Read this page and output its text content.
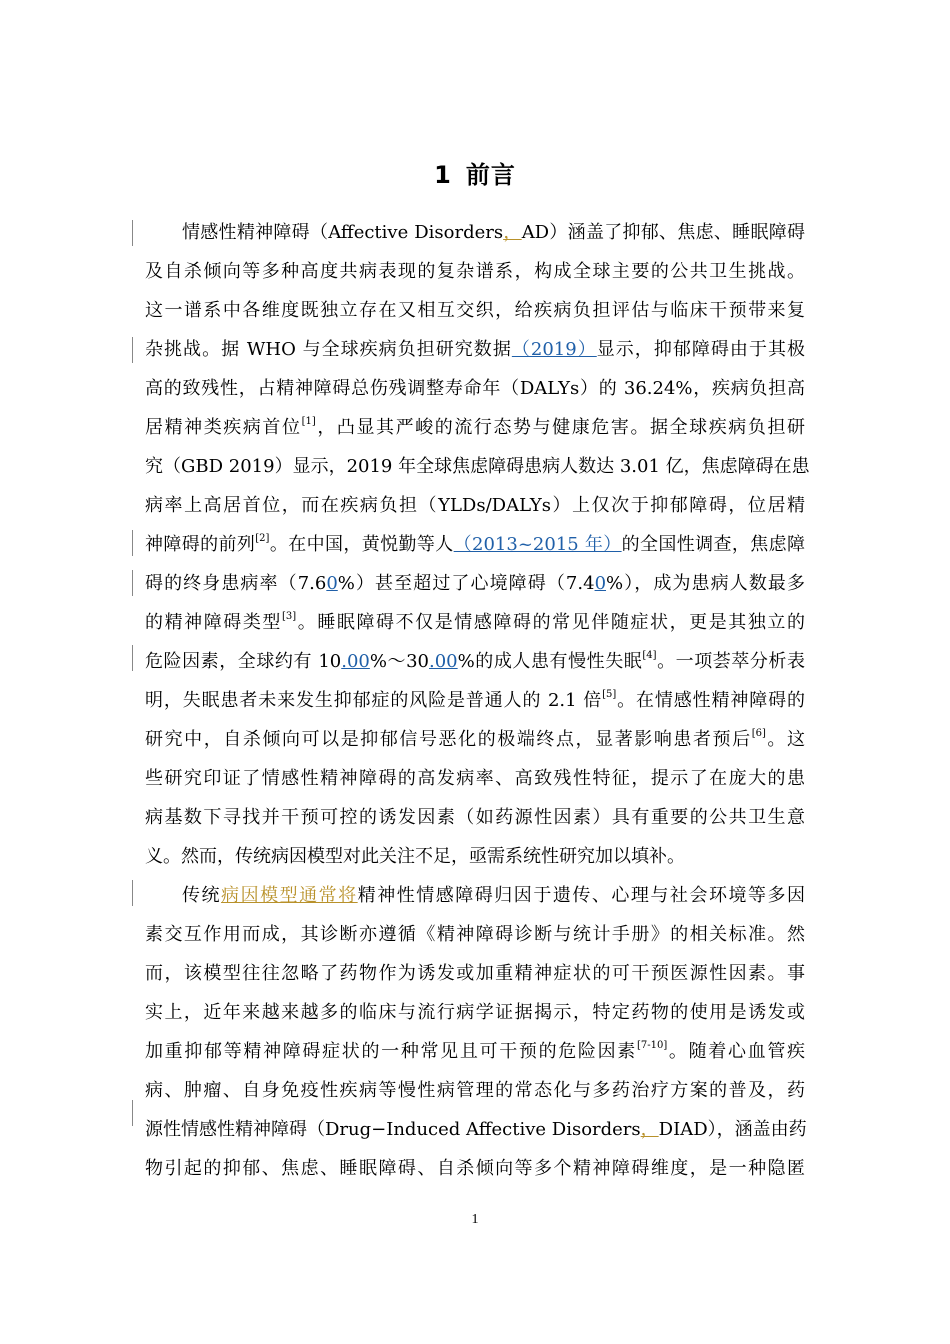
1 前言
情感性精神障碍（Affective Disorders，AD）涵盖了抑郁、焦虑、睡眠障碍
及自杀倾向等多种高度共病表现的复杂谱系，构成全球主要的公共卫生挑战。
这一谱系中各维度既独立存在又相互交织，给疾病负担评估与临床干预带来复
杂挑战。据 WHO 与全球疾病负担研究数据（2019）显示，抑郁障碍由于其极
高的致残性，占精神障碍总伤残调整寿命年（DALYs）的 36.24%，疾病负担高
居精神类疾病首位[1]，凸显其严峻的流行态势与健康危害。据全球疾病负担研
究（GBD 2019）显示，2019 年全球焦虑障碍患病人数达 3.01 亿，焦虑障碍在患
病率上高居首位，而在疾病负担（YLDs/DALYs）上仅次于抑郁障碍，位居精
神障碍的前列[2]。在中国，黄悦勤等人（2013~2015 年）的全国性调查，焦虑障
碍的终身患病率（7.60%）甚至超过了心境障碍（7.40%），成为患病人数最多
的精神障碍类型[3]。睡眠障碍不仅是情感障碍的常见伴随症状，更是其独立的
危险因素，全球约有 10.00%～30.00%的成人患有慢性失眠[4]。一项荟萃分析表
明，失眠患者未来发生抑郁症的风险是普通人的 2.1 倍[5]。在情感性精神障碍的
研究中，自杀倾向可以是抑郁信号恶化的极端终点，显著影响患者预后[6]。这
些研究印证了情感性精神障碍的高发病率、高致残性特征，提示了在庞大的患
病基数下寻找并干预可控的诱发因素（如药源性因素）具有重要的公共卫生意
义。然而，传统病因模型对此关注不足，亟需系统性研究加以填补。
传统病因模型通常将精神性情感障碍归因于遗传、心理与社会环境等多因
素交互作用而成，其诊断亦遵循《精神障碍诊断与统计手册》的相关标准。然
而，该模型往往忽略了药物作为诱发或加重精神症状的可干预医源性因素。事
实上，近年来越来越多的临床与流行病学证据揭示，特定药物的使用是诱发或
加重抑郁等精神障碍症状的一种常见且可干预的危险因素[7-10]。随着心血管疾
病、肿瘤、自身免疫性疾病等慢性病管理的常态化与多药治疗方案的普及，药
源性情感性精神障碍（Drug−Induced Affective Disorders，DIAD），涵盖由药
物引起的抑郁、焦虑、睡眠障碍、自杀倾向等多个精神障碍维度，是一种隐匿
1
